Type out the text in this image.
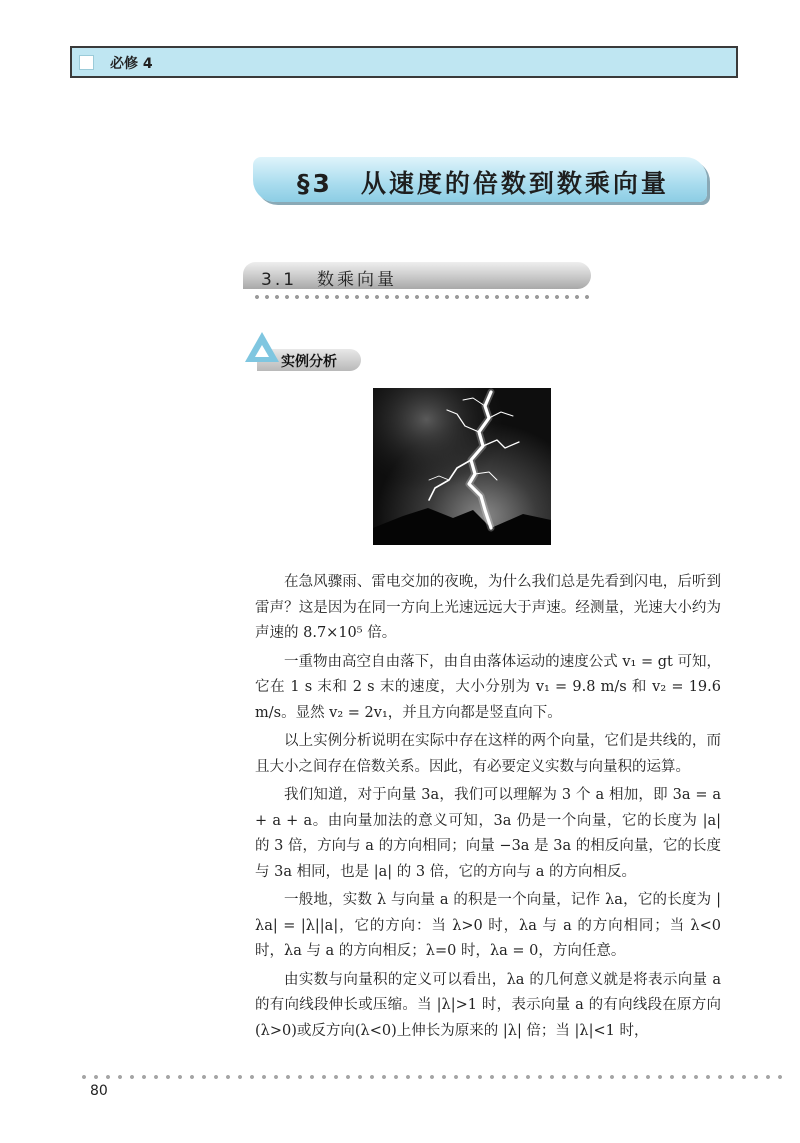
必修 4
§3　从速度的倍数到数乘向量
3.1　数乘向量
实例分析

在急风骤雨、雷电交加的夜晚，为什么我们总是先看到闪电，后听到雷声？这是因为在同一方向上光速远远大于声速。经测量，光速大小约为声速的 8.7×10⁵ 倍。

一重物由高空自由落下，由自由落体运动的速度公式 v₁ = gt 可知，它在 1 s 末和 2 s 末的速度，大小分别为 v₁ = 9.8 m/s 和 v₂ = 19.6 m/s。显然 v₂ = 2v₁，并且方向都是竖直向下。

以上实例分析说明在实际中存在这样的两个向量，它们是共线的，而且大小之间存在倍数关系。因此，有必要定义实数与向量积的运算。

我们知道，对于向量 3a，我们可以理解为 3 个 a 相加，即 3a = a + a + a。由向量加法的意义可知，3a 仍是一个向量，它的长度为 |a| 的 3 倍，方向与 a 的方向相同；向量 −3a 是 3a 的相反向量，它的长度与 3a 相同，也是 |a| 的 3 倍，它的方向与 a 的方向相反。

一般地，实数 λ 与向量 a 的积是一个向量，记作 λa，它的长度为 |λa| = |λ||a|，它的方向：当 λ>0 时，λa 与 a 的方向相同；当 λ<0 时，λa 与 a 的方向相反；λ=0 时，λa = 0，方向任意。

由实数与向量积的定义可以看出，λa 的几何意义就是将表示向量 a 的有向线段伸长或压缩。当 |λ|>1 时，表示向量 a 的有向线段在原方向(λ>0)或反方向(λ<0)上伸长为原来的 |λ| 倍；当 |λ|<1 时，

80
